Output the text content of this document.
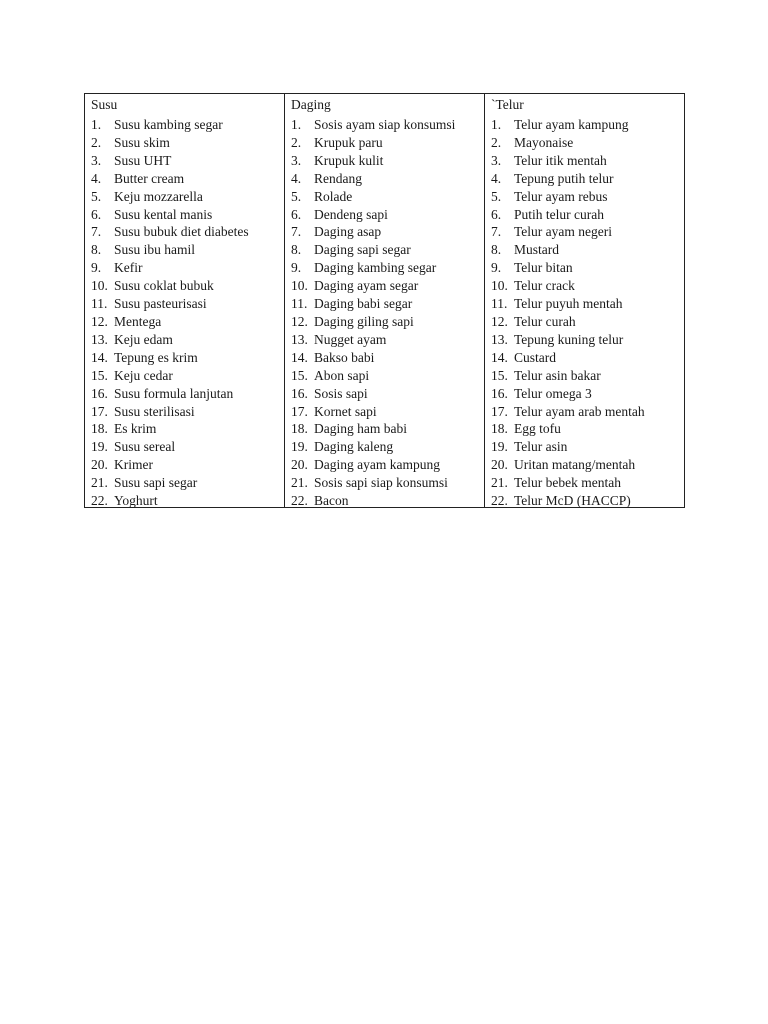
Susu
1. Susu kambing segar
2. Susu skim
3. Susu UHT
4. Butter cream
5. Keju mozzarella
6. Susu kental manis
7. Susu bubuk diet diabetes
8. Susu ibu hamil
9. Kefir
10. Susu coklat bubuk
11. Susu pasteurisasi
12. Mentega
13. Keju edam
14. Tepung es krim
15. Keju cedar
16. Susu formula lanjutan
17. Susu sterilisasi
18. Es krim
19. Susu sereal
20. Krimer
21. Susu sapi segar
22. Yoghurt
Daging
1. Sosis ayam siap konsumsi
2. Krupuk paru
3. Krupuk kulit
4. Rendang
5. Rolade
6. Dendeng sapi
7. Daging asap
8. Daging sapi segar
9. Daging kambing segar
10. Daging ayam segar
11. Daging babi segar
12. Daging giling sapi
13. Nugget ayam
14. Bakso babi
15. Abon sapi
16. Sosis sapi
17. Kornet sapi
18. Daging ham babi
19. Daging kaleng
20. Daging ayam kampung
21. Sosis sapi siap konsumsi
22. Bacon
`Telur
1. Telur ayam kampung
2. Mayonaise
3. Telur itik mentah
4. Tepung putih telur
5. Telur ayam rebus
6. Putih telur curah
7. Telur ayam negeri
8. Mustard
9. Telur bitan
10. Telur crack
11. Telur puyuh mentah
12. Telur curah
13. Tepung kuning telur
14. Custard
15. Telur asin bakar
16. Telur omega 3
17. Telur ayam arab mentah
18. Egg tofu
19. Telur asin
20. Uritan matang/mentah
21. Telur bebek mentah
22. Telur McD (HACCP)
